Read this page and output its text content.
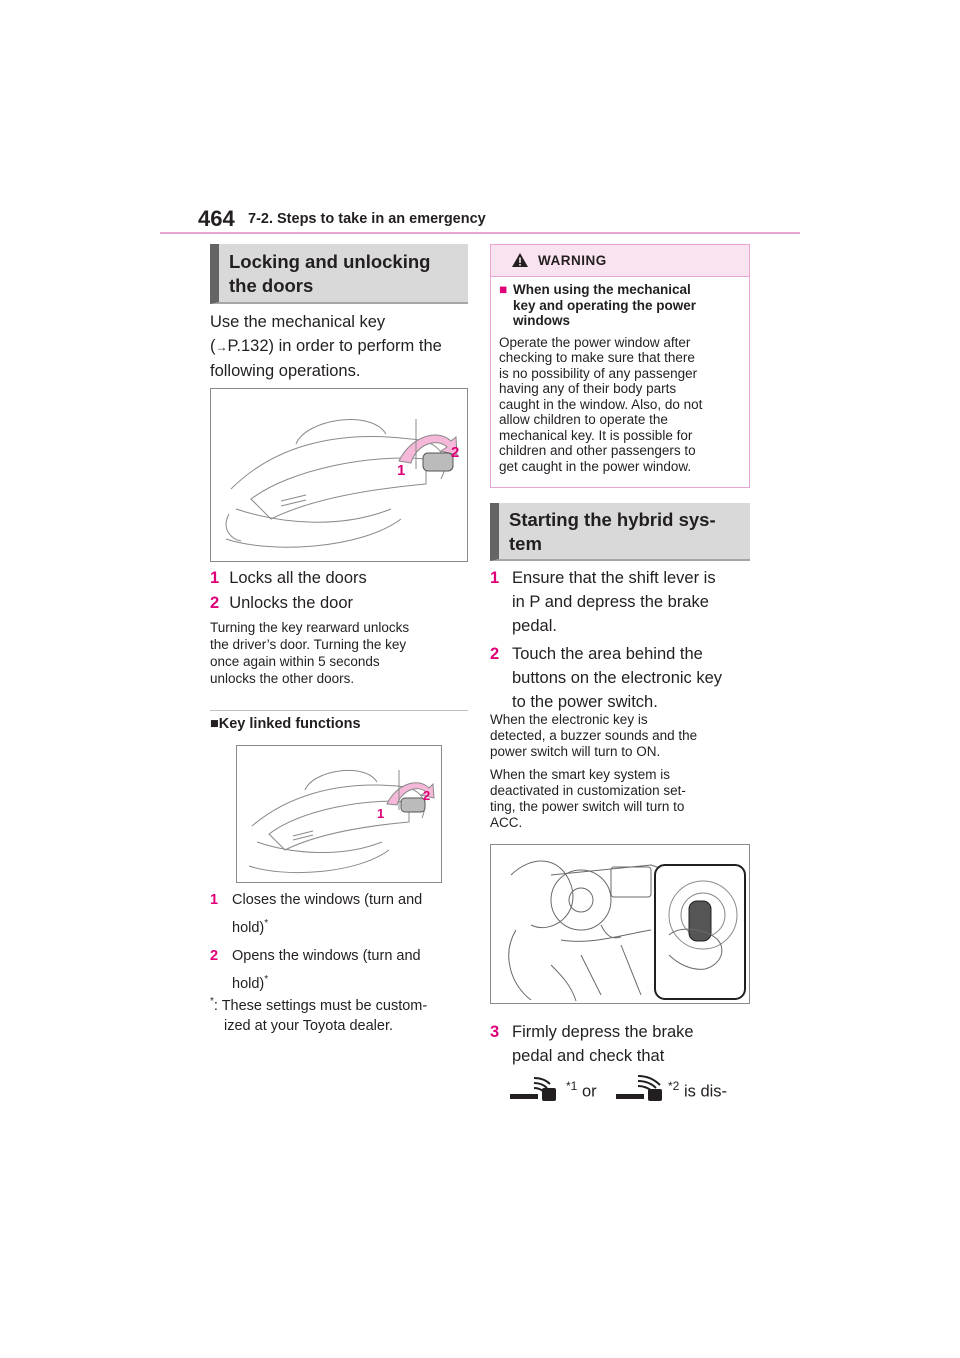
464 7-2. Steps to take in an emergency
Locking and unlocking
the doors
Use the mechanical key
(→P.132) in order to perform the
following operations.
1
2
1 Locks all the doors
2 Unlocks the door
Turning the key rearward unlocks
the driver’s door. Turning the key
once again within 5 seconds
unlocks the other doors.
■Key linked functions
1
2
1 Closes the windows (turn and
hold)*
2 Opens the windows (turn and
hold)*
*: These settings must be custom-
ized at your Toyota dealer.
WARNING
■ When using the mechanical
key and operating the power
windows
Operate the power window after
checking to make sure that there
is no possibility of any passenger
having any of their body parts
caught in the window. Also, do not
allow children to operate the
mechanical key. It is possible for
children and other passengers to
get caught in the power window.
Starting the hybrid sys-
tem
1 Ensure that the shift lever is
in P and depress the brake
pedal.
2 Touch the area behind the
buttons on the electronic key
to the power switch.
When the electronic key is
detected, a buzzer sounds and the
power switch will turn to ON.
When the smart key system is
deactivated in customization set-
ting, the power switch will turn to
ACC.
3 Firmly depress the brake
pedal and check that
$^{*1}$ or	$^{*2}$ is dis-
